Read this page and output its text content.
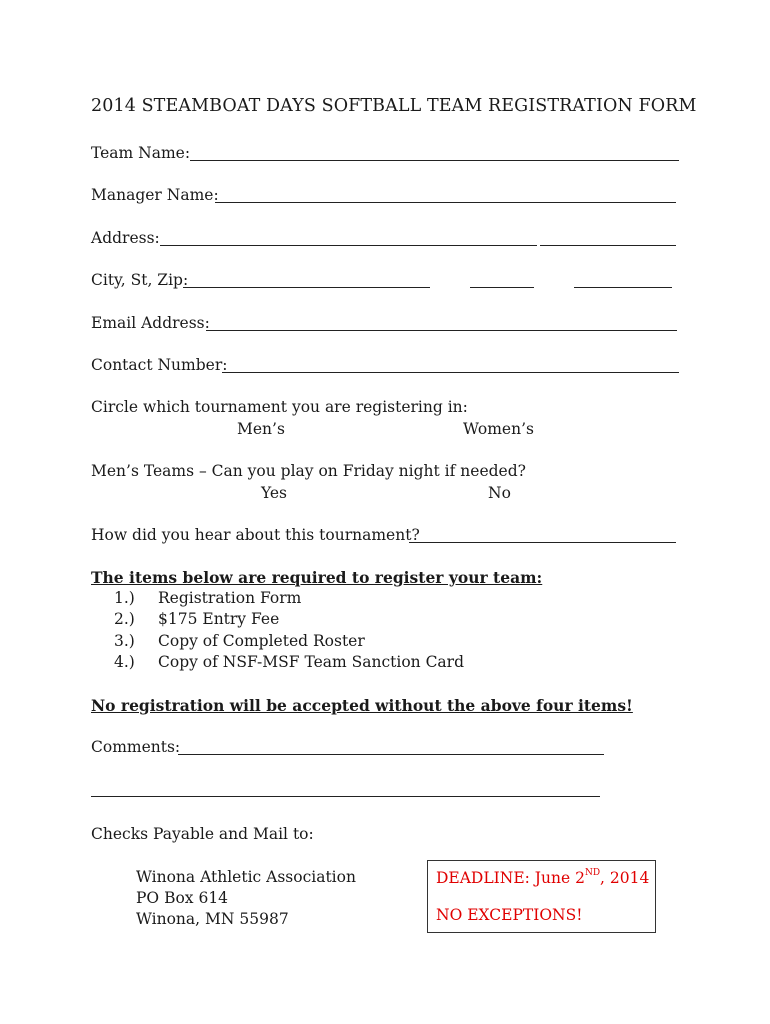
2014 STEAMBOAT DAYS SOFTBALL TEAM REGISTRATION FORM
Team Name:
Manager Name:
Address:
City, St, Zip:
Email Address:
Contact Number:
Circle which tournament you are registering in:
Men’s	Women’s
Men’s Teams – Can you play on Friday night if needed?
Yes	No
How did you hear about this tournament?
The items below are required to register your team:
1.) Registration Form
2.) $175 Entry Fee
3.) Copy of Completed Roster
4.) Copy of NSF-MSF Team Sanction Card
No registration will be accepted without the above four items!
Comments:
Checks Payable and Mail to:
Winona Athletic Association
PO Box 614
Winona, MN 55987
DEADLINE: June 2ND, 2014
NO EXCEPTIONS!
